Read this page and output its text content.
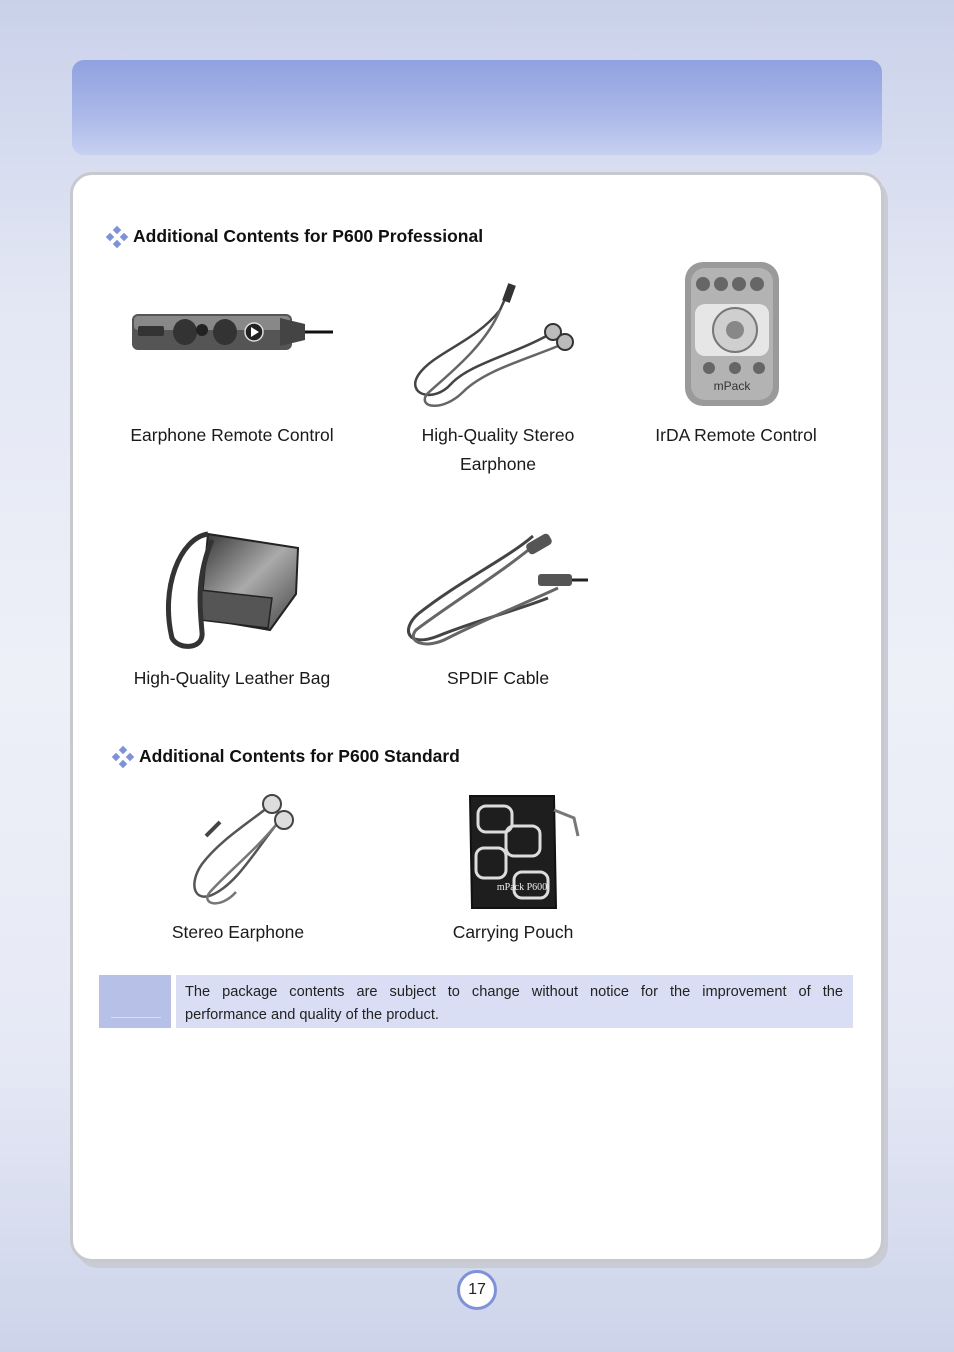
Additional Contents for P600 Professional
mPack
Earphone Remote Control	High-Quality Stereo
Earphone
IrDA Remote Control
High-Quality Leather Bag	SPDIF Cable
Additional Contents for P600 Standard
mPack P600
Stereo Earphone	Carrying Pouch
The package contents are subject to change without notice for the improvement of the
performance and quality of the product.
17
